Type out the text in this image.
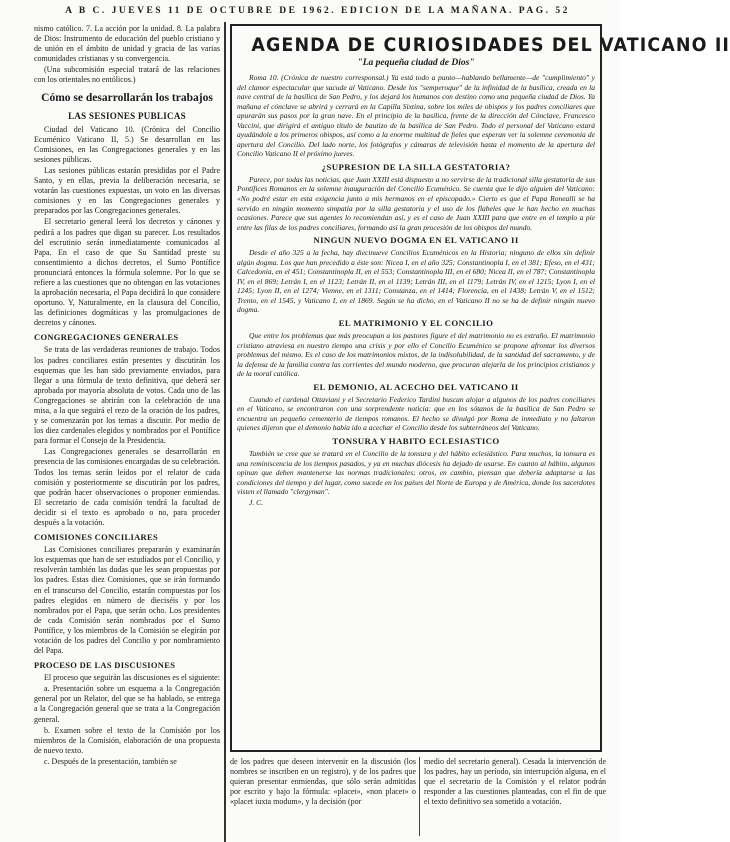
A B C. JUEVES 11 DE OCTUBRE DE 1962. EDICION DE LA MAÑANA. PAG. 52

nismo católico. 7. La acción por la unidad. 8. La palabra de Dios: Instrumento de educación del pueblo cristiano y de unión en el ámbito de unidad y gracia de las varias comunidades cristianas y su convergencia.

(Una subcomisión especial tratará de las relaciones con los orientales no entólicos.)

Cómo se desarrollarán los trabajos
LAS SESIONES PUBLICAS

Ciudad del Vaticano 10. (Crónica del Concilio Ecuménico Vaticano II, 5.) Se desarrollan en las Comisiones, en las Congregaciones generales y en las sesiones públicas.

Las sesiones públicas estarán presididas por el Padre Santo, y en ellas, previa la deliberación necesaria, se votarán las cuestiones expuestas, un voto en las diversas comisiones y en las Congregaciones generales y preparados por las Congregaciones generales.

El secretario general leerá los decretos y cánones y pedirá a los padres que digan su parecer. Los resultados del escrutinio serán inmediatamente comunicados al Papa. En el caso de que Su Santidad preste su consentimiento a dichos decretos, el Sumo Pontífice pronunciará entonces la fórmula solemne. Por lo que se refiere a las cuestiones que no obtengan en las votaciones la aprobación necesaria, el Papa decidirá lo que considere oportuno. Y, Naturalmente, en la clausura del Concilio, las definiciones dogmáticas y las promulgaciones de decretos y cánones.

CONGREGACIONES GENERALES

Se trata de las verdaderas reuniones de trabajo. Todos los padres conciliares están presentes y discutirán los esquemas que les han sido previamente enviados, para llegar a una fórmula de texto definitiva, que deberá ser aprobada por mayoría absoluta de votos. Cada uno de las Congregaciones se abrirán con la celebración de una misa, a la que seguirá el rezo de la oración de los padres, y se comenzarán por los temas a discutir. Por medio de los diez cardenales elegidos y nombrados por el Pontífice para formar el Consejo de la Presidencia.

Las Congregaciones generales se desarrollarán en presencia de las comisiones encargadas de su celebración. Todos los temas serán leídos por el relator de cada comisión y posteriormente se discutirán por los padres, que podrán hacer observaciones o proponer enmiendas. El secretario de cada comisión tendrá la facultad de decidir si el texto es aprobado o no, para proceder después a la votación.

COMISIONES CONCILIARES

Las Comisiones conciliares prepararán y examinarán los esquemas que han de ser estudiados por el Concilio, y resolverán también las dudas que les sean propuestas por los padres. Estas diez Comisiones, que se irán formando en el transcurso del Concilio, estarán compuestas por los padres elegidos en número de dieciséis y por los nombrados por el Papa, que serán ocho. Los presidentes de cada Comisión serán nombrados por el Sumo Pontífice, y los miembros de la Comisión se elegirán por votación de los padres del Concilio y por nombramiento del Papa.

PROCESO DE LAS DISCUSIONES

El proceso que seguirán las discusiones es el siguiente:

a. Presentación sobre un esquema a la Congregación general por un Relator, del que se ha hablado, se entrega a la Congregación general que se trata a la Congregación general.

b. Examen sobre el texto de la Comisión por los miembros de la Comisión, elaboración de una propuesta de nuevo texto.

c. Después de la presentación, también se

AGENDA DE CURIOSIDADES DEL VATICANO II
"La pequeña ciudad de Dios"

Roma 10. (Crónica de nuestro corresponsal.) Ya está todo a punto—hablando bellamente—de "cumplimiento" y del clamor espectacular que sacude al Vaticano. Desde los "semperoque" de la infinidad de la basílica, creada en la nave central de la basílica de San Pedro, y los dejará los humanos con destino como una pequeña ciudad de Dios. Ya mañana el cónclave se abrirá y cerrará en la Capilla Sixtina, sobre los miles de obispos y los padres conciliares que apurarán sus pasos por la gran nave. En el principio de la basílica, frente de la dirección del Cónclave, Francesco Vaccini, que dirigirá el antiguo título de bautizo de la basílica de San Pedro. Todo el personal del Vaticano estará ayudándole a los primeros obispos, así como a la enorme multitud de fieles que esperan ver la solemne ceremonia de apertura del Concilio. Del lado norte, los fotógrafos y cámaras de televisión hasta el momento de la apertura del Concilio Vaticano II el próximo jueves.

¿SUPRESION DE LA SILLA GESTATORIA?

Parece, por todas las noticias, que Juan XXIII está dispuesto a no servirse de la tradicional silla gestatoria de sus Pontífices Romanos en la solemne inauguración del Concilio Ecuménico. Se cuenta que le dijo alguien del Vaticano: «No podré estar en esta exigencia junto a mis hermanos en el episcopado.» Cierto es que el Papa Ronealli se ha servido en ningún momento simpatía por la silla gestatoria y el uso de los flabeles que le han hecho en muchas ocasiones. Parece que sus agentes lo recomiendan así, y es el caso de Juan XXIII para que entre en el templo a pie entre las filas de los padres conciliares, formando así la gran procesión de los obispos del mundo.

NINGUN NUEVO DOGMA EN EL VATICANO II

Desde el año 325 a la fecha, hay diecinueve Concilios Ecuménicos en la Historia; ninguno de ellos sin definir algún dogma. Los que han precedido a éste son: Nicea I, en el año 325; Constantinopla I, en el 381; Efeso, en el 431; Calcedonia, en el 451; Constantinopla II, en el 553; Constantinopla III, en el 680; Nicea II, en el 787; Constantinopla IV, en el 869; Letrán I, en el 1123; Letrán II, en el 1139; Letrán III, en el 1179; Letrán IV, en el 1215; Lyon I, en el 1245; Lyon II, en el 1274; Vienne, en el 1311; Constanza, en el 1414; Florencia, en el 1438; Letrán V, en el 1512; Trento, en el 1545, y Vaticano I, en el 1869. Según se ha dicho, en el Vaticano II no se ha de definir ningún nuevo dogma.

EL MATRIMONIO Y EL CONCILIO

Que entre los problemas que más preocupan a los pastores figure el del matrimonio no es extraño. El matrimonio cristiano atraviesa en nuestro tiempo una crisis y por ello el Concilio Ecuménico se propone afrontar los diversos problemas del mismo. Es el caso de los matrimonios mixtos, de la indisolubilidad, de la santidad del sacramento, y de la defensa de la familia contra las corrientes del mundo moderno, que procuran alejarla de los principios cristianos y de la moral católica.

EL DEMONIO, AL ACECHO DEL VATICANO II

Cuando el cardenal Ottaviani y el Secretario Federico Tardini buscan alojar a algunos de los padres conciliares en el Vaticano, se encontraron con una sorprendente noticia: que en los sótanos de la basílica de San Pedro se encuentra un pequeño cementerio de tiempos romanos. El hecho se divulgó por Roma de inmediato y no faltaron quienes dijeron que el demonio había ido a acechar el Concilio desde los subterráneos del Vaticano.

TONSURA Y HABITO ECLESIASTICO

También se cree que se tratará en el Concilio de la tonsura y del hábito eclesiástico. Para muchos, la tonsura es una reminiscencia de los tiempos pasados, y ya en muchas diócesis ha dejado de usarse. En cuanto al hábito, algunos opinan que deben mantenerse las normas tradicionales; otros, en cambio, piensan que debería adaptarse a las condiciones del tiempo y del lugar, como sucede en los países del Norte de Europa y de América, donde los sacerdotes visten el llamado "clergyman".

J. C.

de los padres que deseen intervenir en la discusión (los nombres se inscriben en un registro), y de los padres que quieran presentar enmiendas, que sólo serán admitidas por escrito y bajo la fórmula: «placet», «non placet» o «placet iuxta modum», y la decisión (por

medio del secretario general). Cesada la intervención de los padres, hay un período, sin interrupción alguna, en el que el secretario de la Comisión y el relator podrán responder a las cuestiones planteadas, con el fin de que el texto definitivo sea sometido a votación.
